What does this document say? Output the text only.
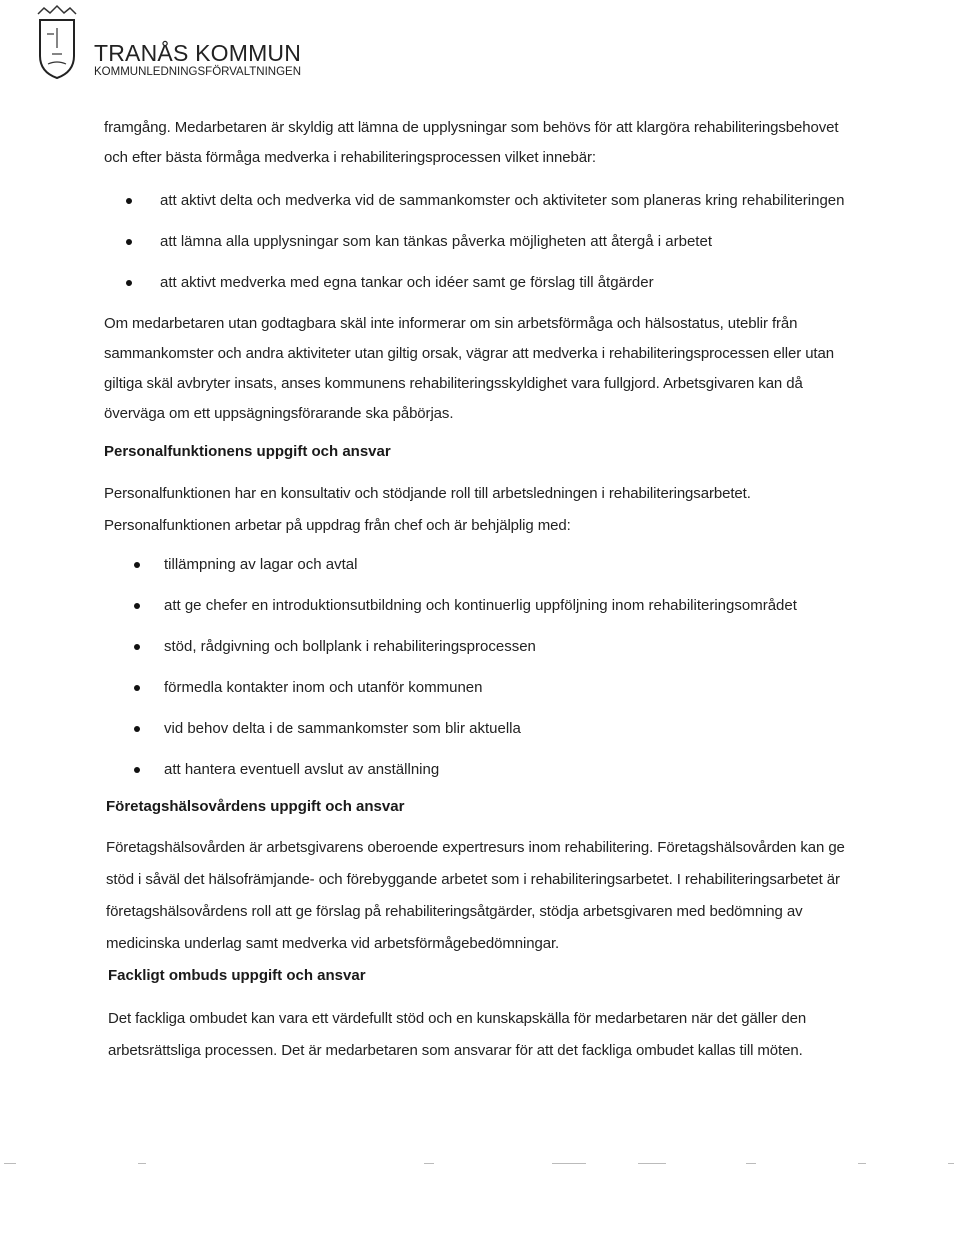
TRANÅS KOMMUN
KOMMUNLEDNINGSFÖRVALTNINGEN
framgång. Medarbetaren är skyldig att lämna de upplysningar som behövs för att klargöra rehabiliteringsbehovet
och efter bästa förmåga medverka i rehabiliteringsprocessen vilket innebär:
att aktivt delta och medverka vid de sammankomster och aktiviteter som planeras kring rehabiliteringen
att lämna alla upplysningar som kan tänkas påverka möjligheten att återgå i arbetet
att aktivt medverka med egna tankar och idéer samt ge förslag till åtgärder
Om medarbetaren utan godtagbara skäl inte informerar om sin arbetsförmåga och hälsostatus, uteblir från
sammankomster och andra aktiviteter utan giltig orsak, vägrar att medverka i rehabiliteringsprocessen eller utan
giltiga skäl avbryter insats, anses kommunens rehabiliteringsskyldighet vara fullgjord. Arbetsgivaren kan då
överväga om ett uppsägningsförarande ska påbörjas.
Personalfunktionens uppgift och ansvar
Personalfunktionen har en konsultativ och stödjande roll till arbetsledningen i rehabiliteringsarbetet.
Personalfunktionen arbetar på uppdrag från chef och är behjälplig med:
tillämpning av lagar och avtal
att ge chefer en introduktionsutbildning och kontinuerlig uppföljning inom rehabiliteringsområdet
stöd, rådgivning och bollplank i rehabiliteringsprocessen
förmedla kontakter inom och utanför kommunen
vid behov delta i de sammankomster som blir aktuella
att hantera eventuell avslut av anställning
Företagshälsovårdens uppgift och ansvar
Företagshälsovården är arbetsgivarens oberoende expertresurs inom rehabilitering. Företagshälsovården kan ge
stöd i såväl det hälsofrämjande- och förebyggande arbetet som i rehabiliteringsarbetet. I rehabiliteringsarbetet är
företagshälsovårdens roll att ge förslag på rehabiliteringsåtgärder, stödja arbetsgivaren med bedömning av
medicinska underlag samt medverka vid arbetsförmågebedömningar.
Fackligt ombuds uppgift och ansvar
Det fackliga ombudet kan vara ett värdefullt stöd och en kunskapskälla för medarbetaren när det gäller den
arbetsrättsliga processen. Det är medarbetaren som ansvarar för att det fackliga ombudet kallas till möten.
